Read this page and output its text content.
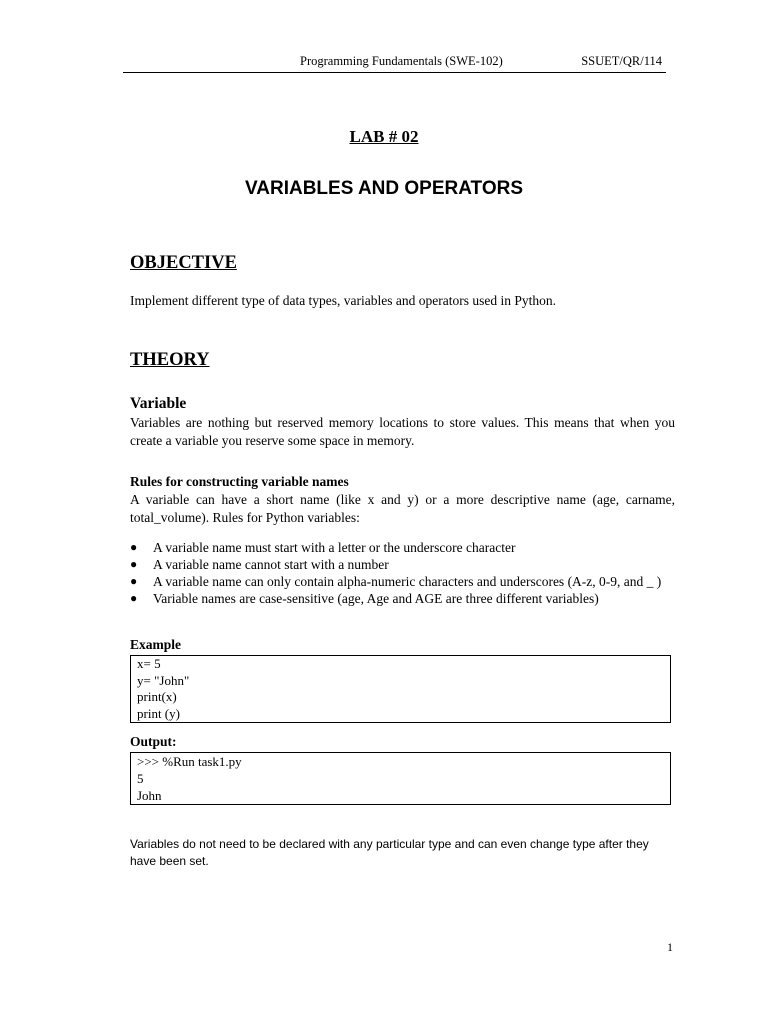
Programming Fundamentals (SWE-102)	SSUET/QR/114
LAB # 02
VARIABLES AND OPERATORS
OBJECTIVE
Implement different type of data types, variables and operators used in Python.
THEORY
Variable
Variables are nothing but reserved memory locations to store values. This means that when you create a variable you reserve some space in memory.
Rules for constructing variable names
A variable can have a short name (like x and y) or a more descriptive name (age, carname, total_volume). Rules for Python variables:
● A variable name must start with a letter or the underscore character
● A variable name cannot start with a number
● A variable name can only contain alpha-numeric characters and underscores (A-z, 0-9, and _ )
● Variable names are case-sensitive (age, Age and AGE are three different variables)
Example
x= 5
y= "John"
print(x)
print (y)
Output:
>>> %Run task1.py
5
John
Variables do not need to be declared with any particular type and can even change type after they have been set.
1
